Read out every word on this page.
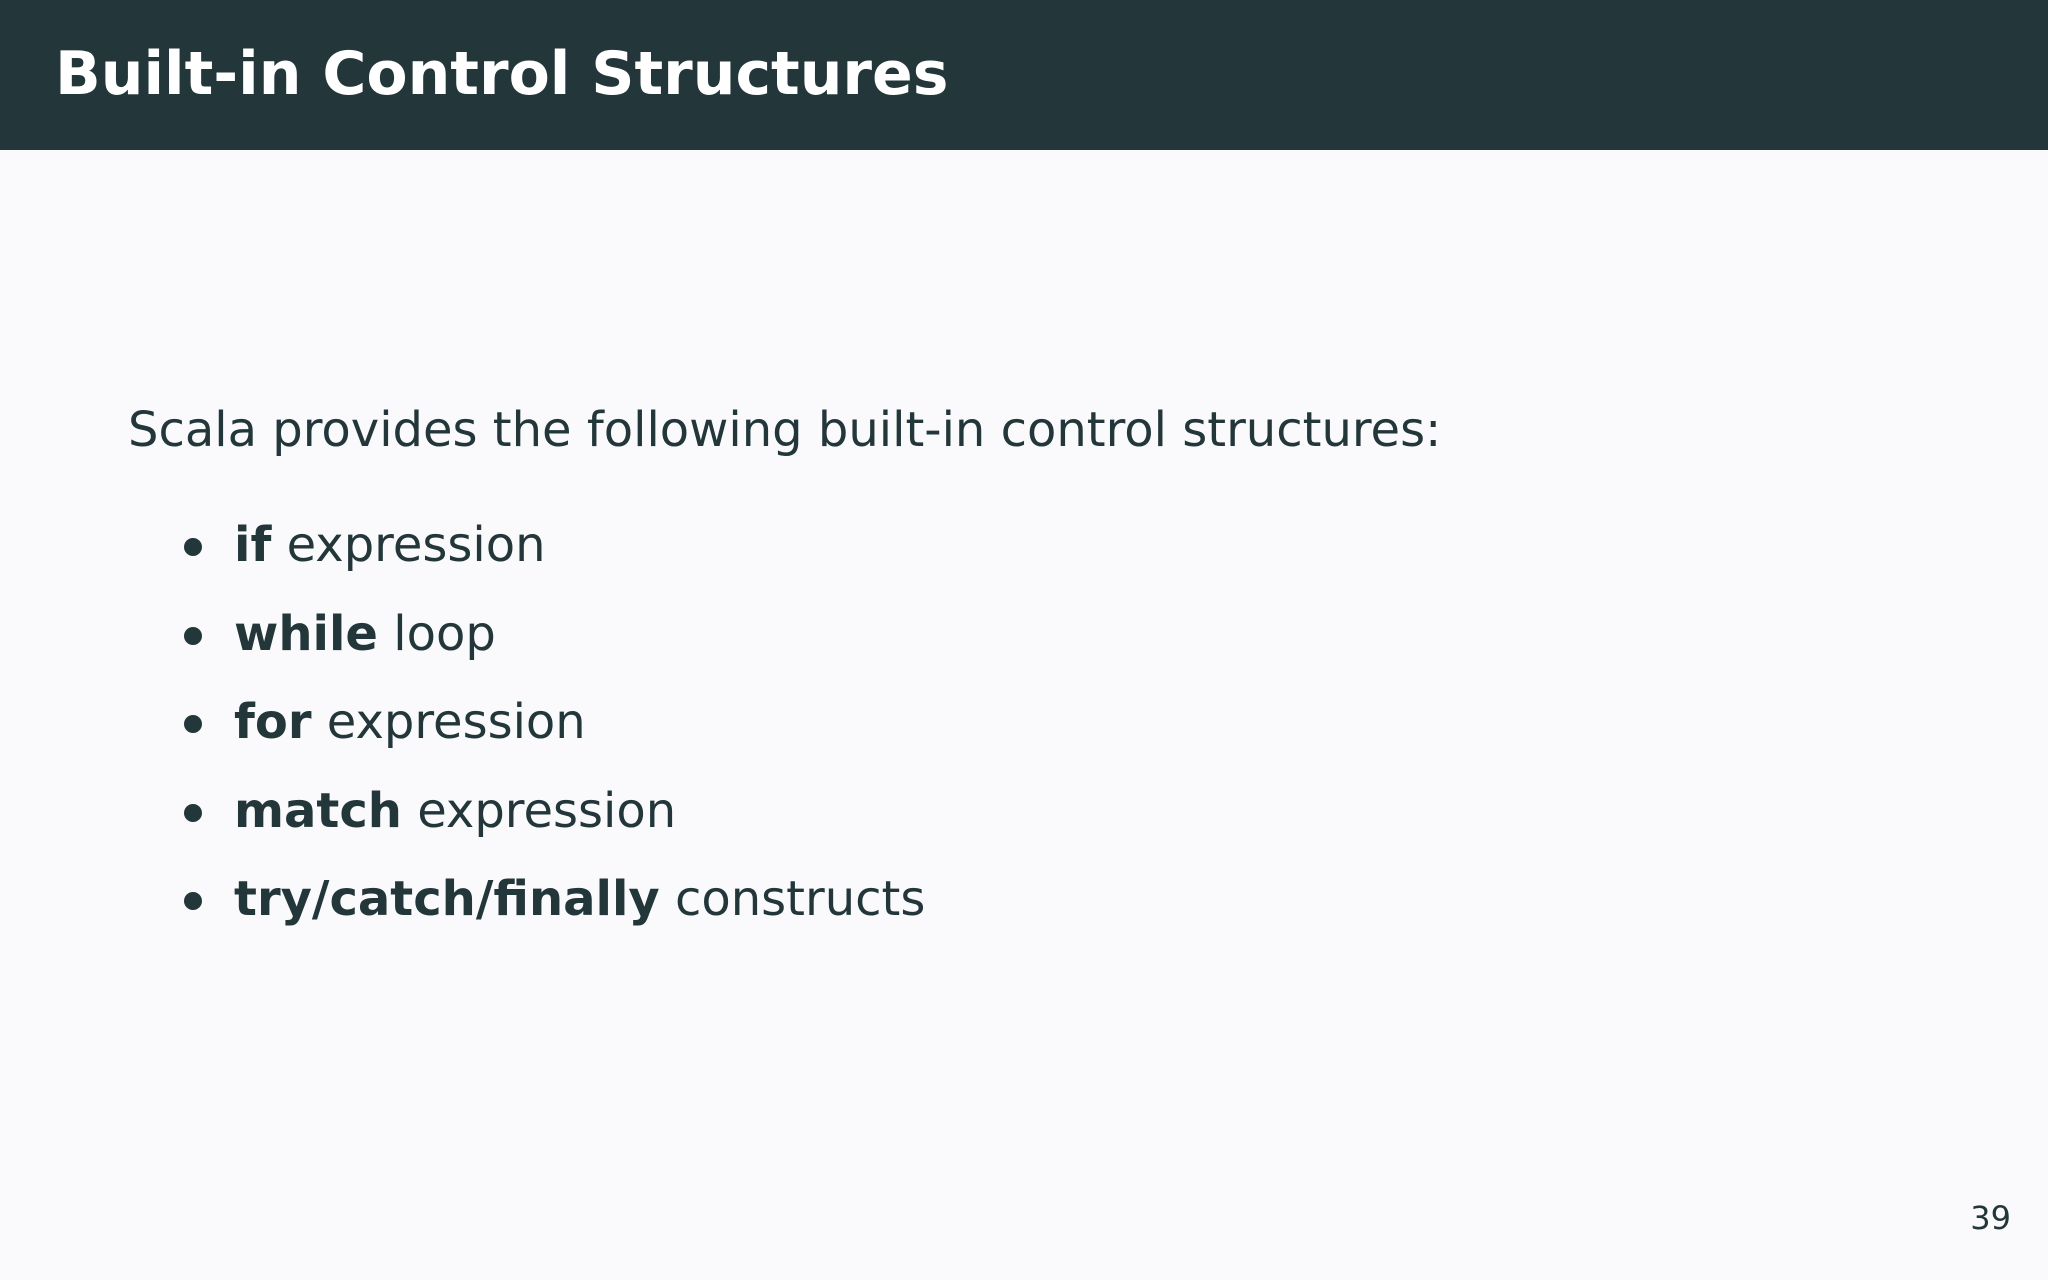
Built-in Control Structures

Scala provides the following built-in control structures:

if expression
while loop
for expression
match expression
try/catch/finally constructs
39
